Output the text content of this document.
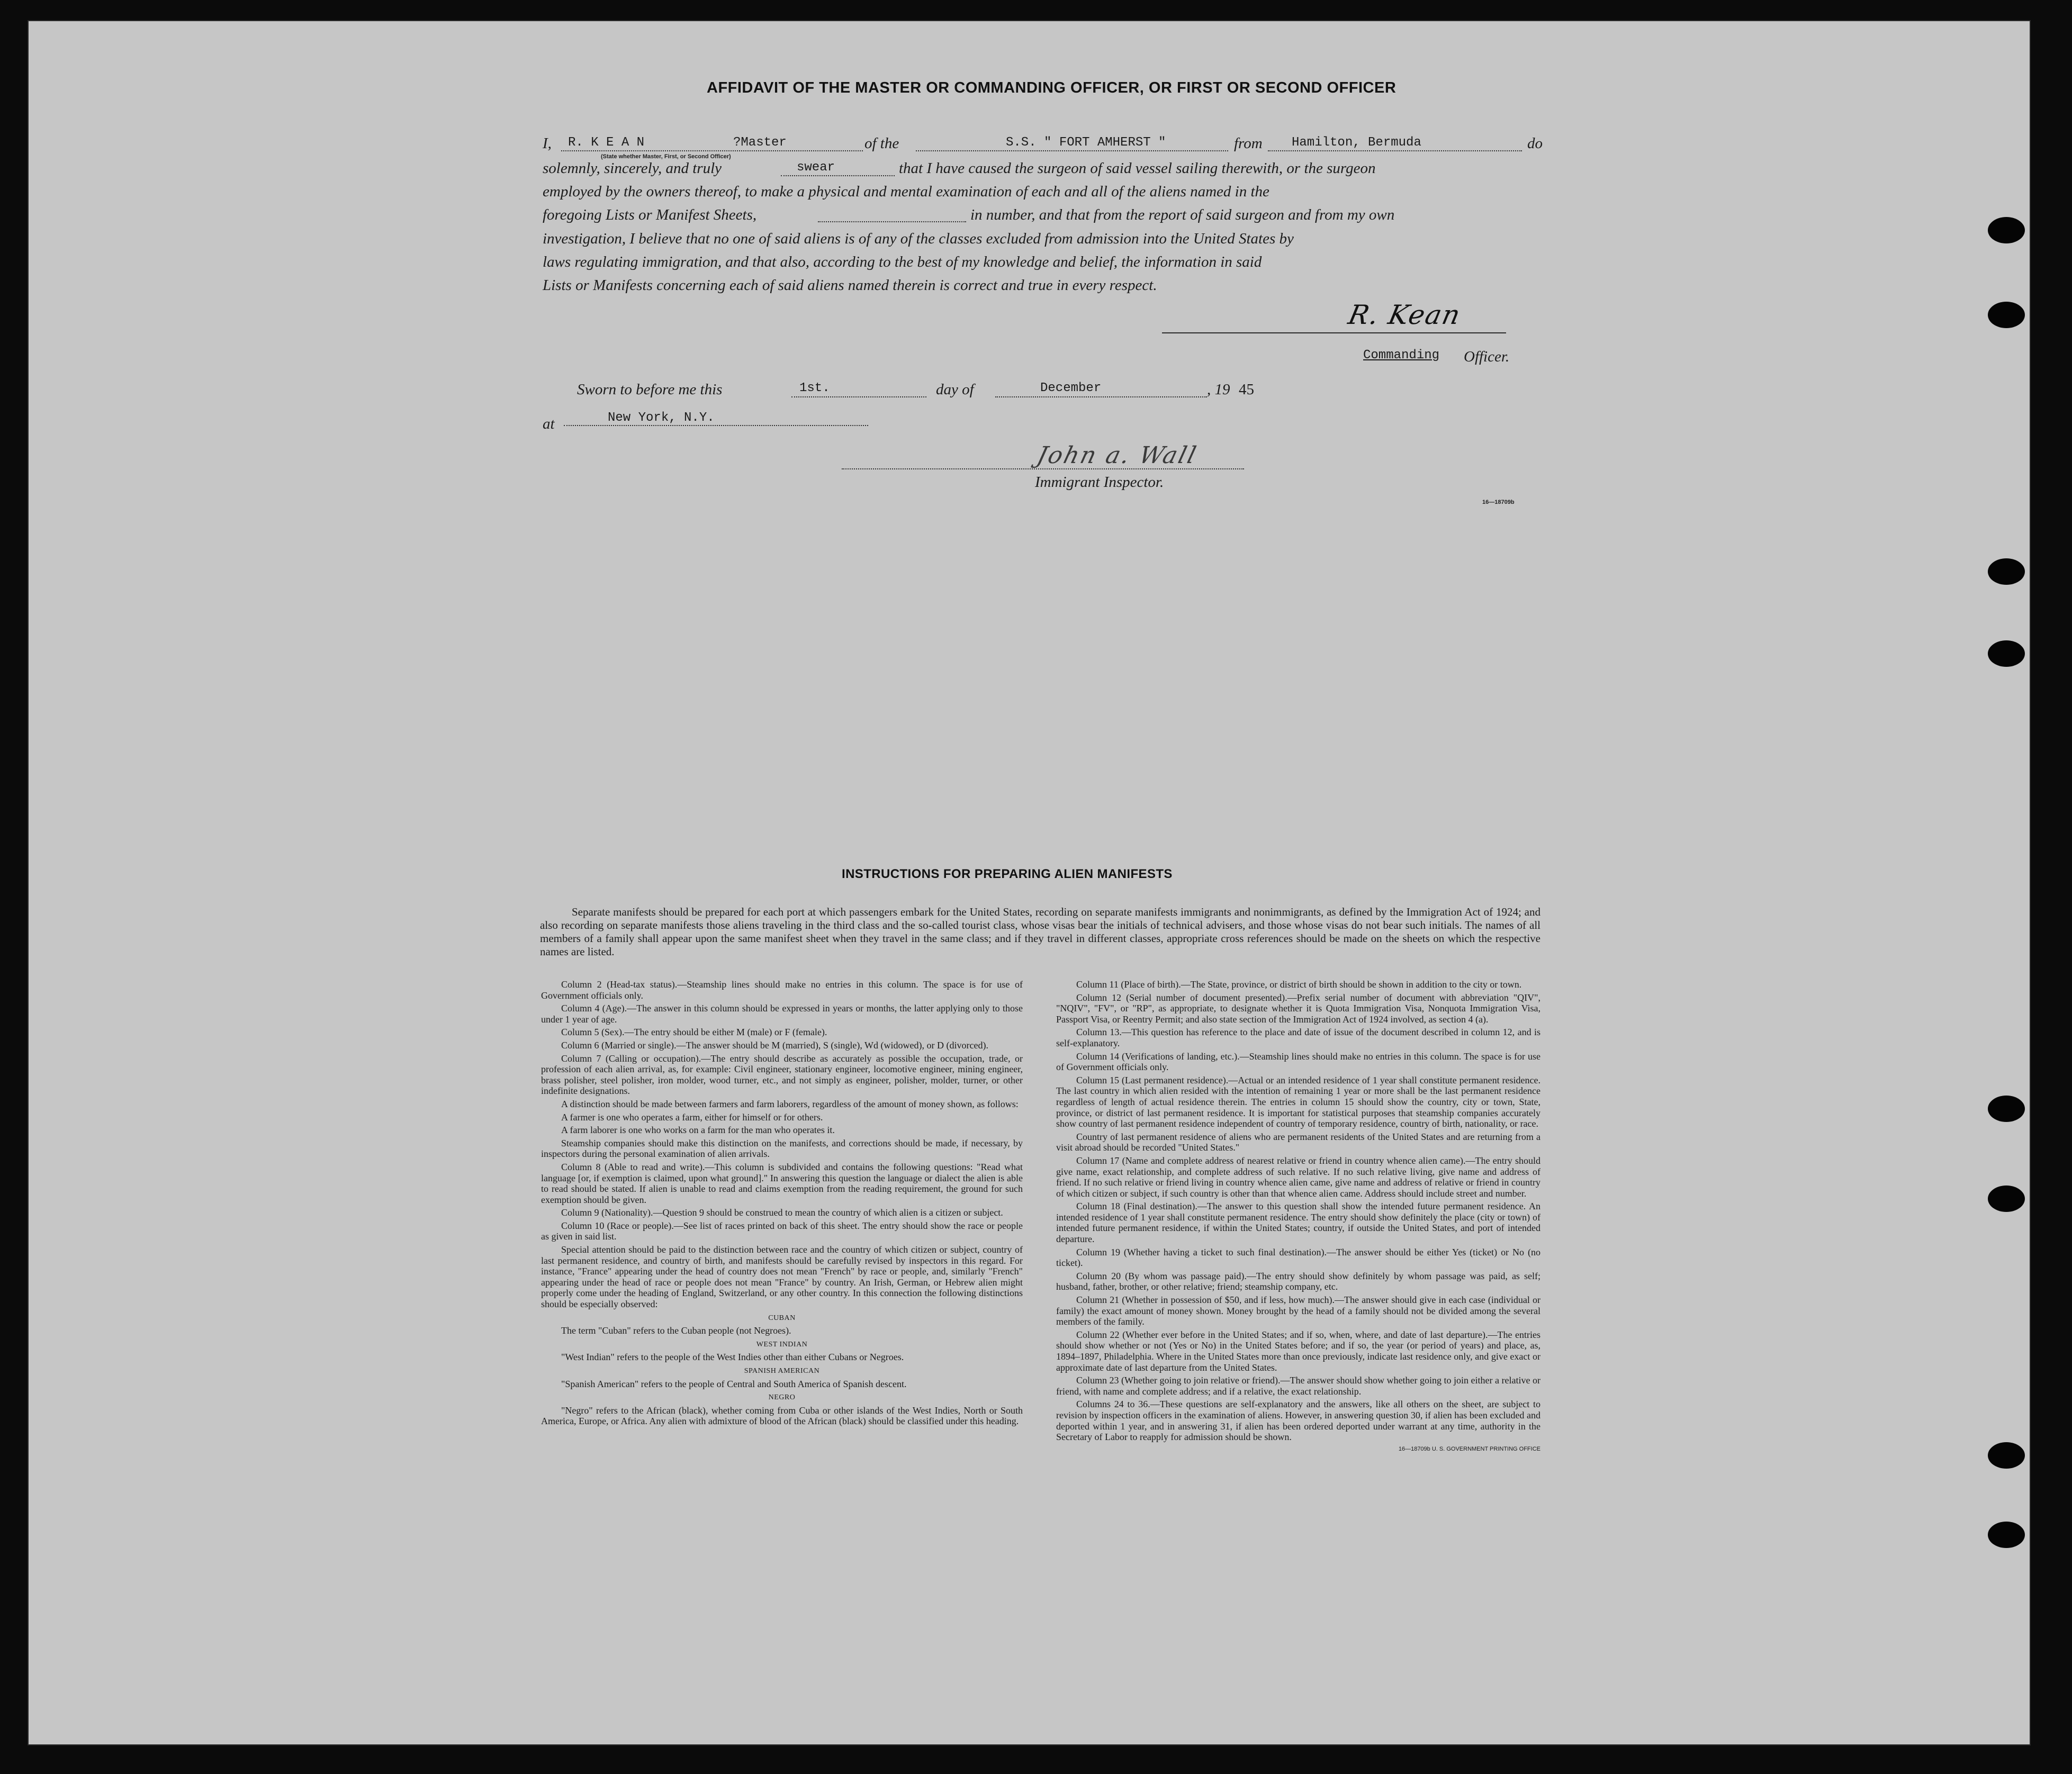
AFFIDAVIT OF THE MASTER OR COMMANDING OFFICER, OR FIRST OR SECOND OFFICER
I,	of the	from	do
R. K E A N	?Master
(State whether Master, First, or Second Officer)
S.S. " FORT AMHERST "	Hamilton, Bermuda
solemnly, sincerely, and truly	that I have caused the surgeon of said vessel sailing therewith, or the surgeon
swear
employed by the owners thereof, to make a physical and mental examination of each and all of the aliens named in the
foregoing Lists or Manifest Sheets,	in number, and that from the report of said surgeon and from my own
investigation, I believe that no one of said aliens is of any of the classes excluded from admission into the United States by
laws regulating immigration, and that also, according to the best of my knowledge and belief, the information in said
Lists or Manifests concerning each of said aliens named therein is correct and true in every respect.
R. Kean
Commanding Officer.
Sworn to before me this	day of	, 19
1st.	December	45
at	New York, N.Y.
John a. Wall
Immigrant Inspector.
16—18709b
INSTRUCTIONS FOR PREPARING ALIEN MANIFESTS

Separate manifests should be prepared for each port at which passengers embark for the United States, recording on separate manifests immigrants and nonimmigrants, as defined by the Immigration Act of 1924; and also recording on separate manifests those aliens traveling in the third class and the so-called tourist class, whose visas bear the initials of technical advisers, and those whose visas do not bear such initials. The names of all members of a family shall appear upon the same manifest sheet when they travel in the same class; and if they travel in different classes, appropriate cross references should be made on the sheets on which the respective names are listed.

Column 2 (Head-tax status).—Steamship lines should make no entries in this column. The space is for use of Government officials only.

Column 4 (Age).—The answer in this column should be expressed in years or months, the latter applying only to those under 1 year of age.

Column 5 (Sex).—The entry should be either M (male) or F (female).

Column 6 (Married or single).—The answer should be M (married), S (single), Wd (widowed), or D (divorced).

Column 7 (Calling or occupation).—The entry should describe as accurately as possible the occupation, trade, or profession of each alien arrival, as, for example: Civil engineer, stationary engineer, locomotive engineer, mining engineer, brass polisher, steel polisher, iron molder, wood turner, etc., and not simply as engineer, polisher, molder, turner, or other indefinite designations.

A distinction should be made between farmers and farm laborers, regardless of the amount of money shown, as follows:

A farmer is one who operates a farm, either for himself or for others.

A farm laborer is one who works on a farm for the man who operates it.

Steamship companies should make this distinction on the manifests, and corrections should be made, if necessary, by inspectors during the personal examination of alien arrivals.

Column 8 (Able to read and write).—This column is subdivided and contains the following questions: "Read what language [or, if exemption is claimed, upon what ground]." In answering this question the language or dialect the alien is able to read should be stated. If alien is unable to read and claims exemption from the reading requirement, the ground for such exemption should be given.

Column 9 (Nationality).—Question 9 should be construed to mean the country of which alien is a citizen or subject.

Column 10 (Race or people).—See list of races printed on back of this sheet. The entry should show the race or people as given in said list.

Special attention should be paid to the distinction between race and the country of which citizen or subject, country of last permanent residence, and country of birth, and manifests should be carefully revised by inspectors in this regard. For instance, "France" appearing under the head of country does not mean "French" by race or people, and, similarly "French" appearing under the head of race or people does not mean "France" by country. An Irish, German, or Hebrew alien might properly come under the heading of England, Switzerland, or any other country. In this connection the following distinctions should be especially observed:

CUBAN

The term "Cuban" refers to the Cuban people (not Negroes).

WEST INDIAN

"West Indian" refers to the people of the West Indies other than either Cubans or Negroes.

SPANISH AMERICAN

"Spanish American" refers to the people of Central and South America of Spanish descent.

NEGRO

"Negro" refers to the African (black), whether coming from Cuba or other islands of the West Indies, North or South America, Europe, or Africa. Any alien with admixture of blood of the African (black) should be classified under this heading.

Column 11 (Place of birth).—The State, province, or district of birth should be shown in addition to the city or town.

Column 12 (Serial number of document presented).—Prefix serial number of document with abbreviation "QIV", "NQIV", "FV", or "RP", as appropriate, to designate whether it is Quota Immigration Visa, Nonquota Immigration Visa, Passport Visa, or Reentry Permit; and also state section of the Immigration Act of 1924 involved, as section 4 (a).

Column 13.—This question has reference to the place and date of issue of the document described in column 12, and is self-explanatory.

Column 14 (Verifications of landing, etc.).—Steamship lines should make no entries in this column. The space is for use of Government officials only.

Column 15 (Last permanent residence).—Actual or an intended residence of 1 year shall constitute permanent residence. The last country in which alien resided with the intention of remaining 1 year or more shall be the last permanent residence regardless of length of actual residence therein. The entries in column 15 should show the country, city or town, State, province, or district of last permanent residence. It is important for statistical purposes that steamship companies accurately show country of last permanent residence independent of country of temporary residence, country of birth, nationality, or race.

Country of last permanent residence of aliens who are permanent residents of the United States and are returning from a visit abroad should be recorded "United States."

Column 17 (Name and complete address of nearest relative or friend in country whence alien came).—The entry should give name, exact relationship, and complete address of such relative. If no such relative living, give name and address of friend. If no such relative or friend living in country whence alien came, give name and address of relative or friend in country of which citizen or subject, if such country is other than that whence alien came. Address should include street and number.

Column 18 (Final destination).—The answer to this question shall show the intended future permanent residence. An intended residence of 1 year shall constitute permanent residence. The entry should show definitely the place (city or town) of intended future permanent residence, if within the United States; country, if outside the United States, and port of intended departure.

Column 19 (Whether having a ticket to such final destination).—The answer should be either Yes (ticket) or No (no ticket).

Column 20 (By whom was passage paid).—The entry should show definitely by whom passage was paid, as self; husband, father, brother, or other relative; friend; steamship company, etc.

Column 21 (Whether in possession of $50, and if less, how much).—The answer should give in each case (individual or family) the exact amount of money shown. Money brought by the head of a family should not be divided among the several members of the family.

Column 22 (Whether ever before in the United States; and if so, when, where, and date of last departure).—The entries should show whether or not (Yes or No) in the United States before; and if so, the year (or period of years) and place, as, 1894–1897, Philadelphia. Where in the United States more than once previously, indicate last residence only, and give exact or approximate date of last departure from the United States.

Column 23 (Whether going to join relative or friend).—The answer should show whether going to join either a relative or friend, with name and complete address; and if a relative, the exact relationship.

Columns 24 to 36.—These questions are self-explanatory and the answers, like all others on the sheet, are subject to revision by inspection officers in the examination of aliens. However, in answering question 30, if alien has been excluded and deported within 1 year, and in answering 31, if alien has been ordered deported under warrant at any time, authority in the Secretary of Labor to reapply for admission should be shown.

16—18709b U. S. GOVERNMENT PRINTING OFFICE
